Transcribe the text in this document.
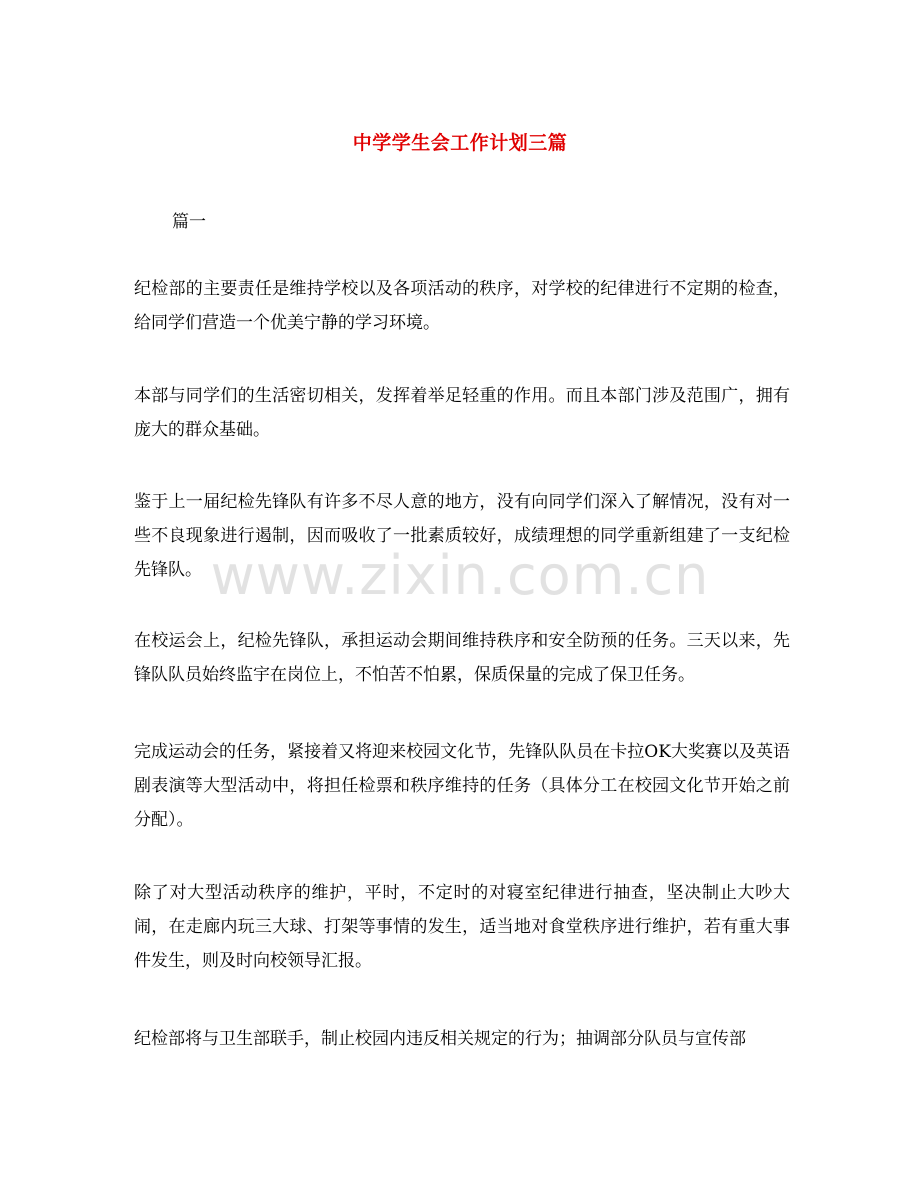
中学学生会工作计划三篇
篇一

纪检部的主要责任是维持学校以及各项活动的秩序，对学校的纪律进行不定期的检查，给同学们营造一个优美宁静的学习环境。

本部与同学们的生活密切相关，发挥着举足轻重的作用。而且本部门涉及范围广，拥有庞大的群众基础。

鉴于上一届纪检先锋队有许多不尽人意的地方，没有向同学们深入了解情况，没有对一些不良现象进行遏制，因而吸收了一批素质较好，成绩理想的同学重新组建了一支纪检先锋队。

在校运会上，纪检先锋队，承担运动会期间维持秩序和安全防预的任务。三天以来，先锋队队员始终监宇在岗位上，不怕苦不怕累，保质保量的完成了保卫任务。

完成运动会的任务，紧接着又将迎来校园文化节，先锋队队员在卡拉OK大奖赛以及英语剧表演等大型活动中，将担任检票和秩序维持的任务（具体分工在校园文化节开始之前分配）。

除了对大型活动秩序的维护，平时，不定时的对寝室纪律进行抽查，坚决制止大吵大闹，在走廊内玩三大球、打架等事情的发生，适当地对食堂秩序进行维护，若有重大事件发生，则及时向校领导汇报。

纪检部将与卫生部联手，制止校园内违反相关规定的行为；抽调部分队员与宣传部

www.zixin.com.cn
